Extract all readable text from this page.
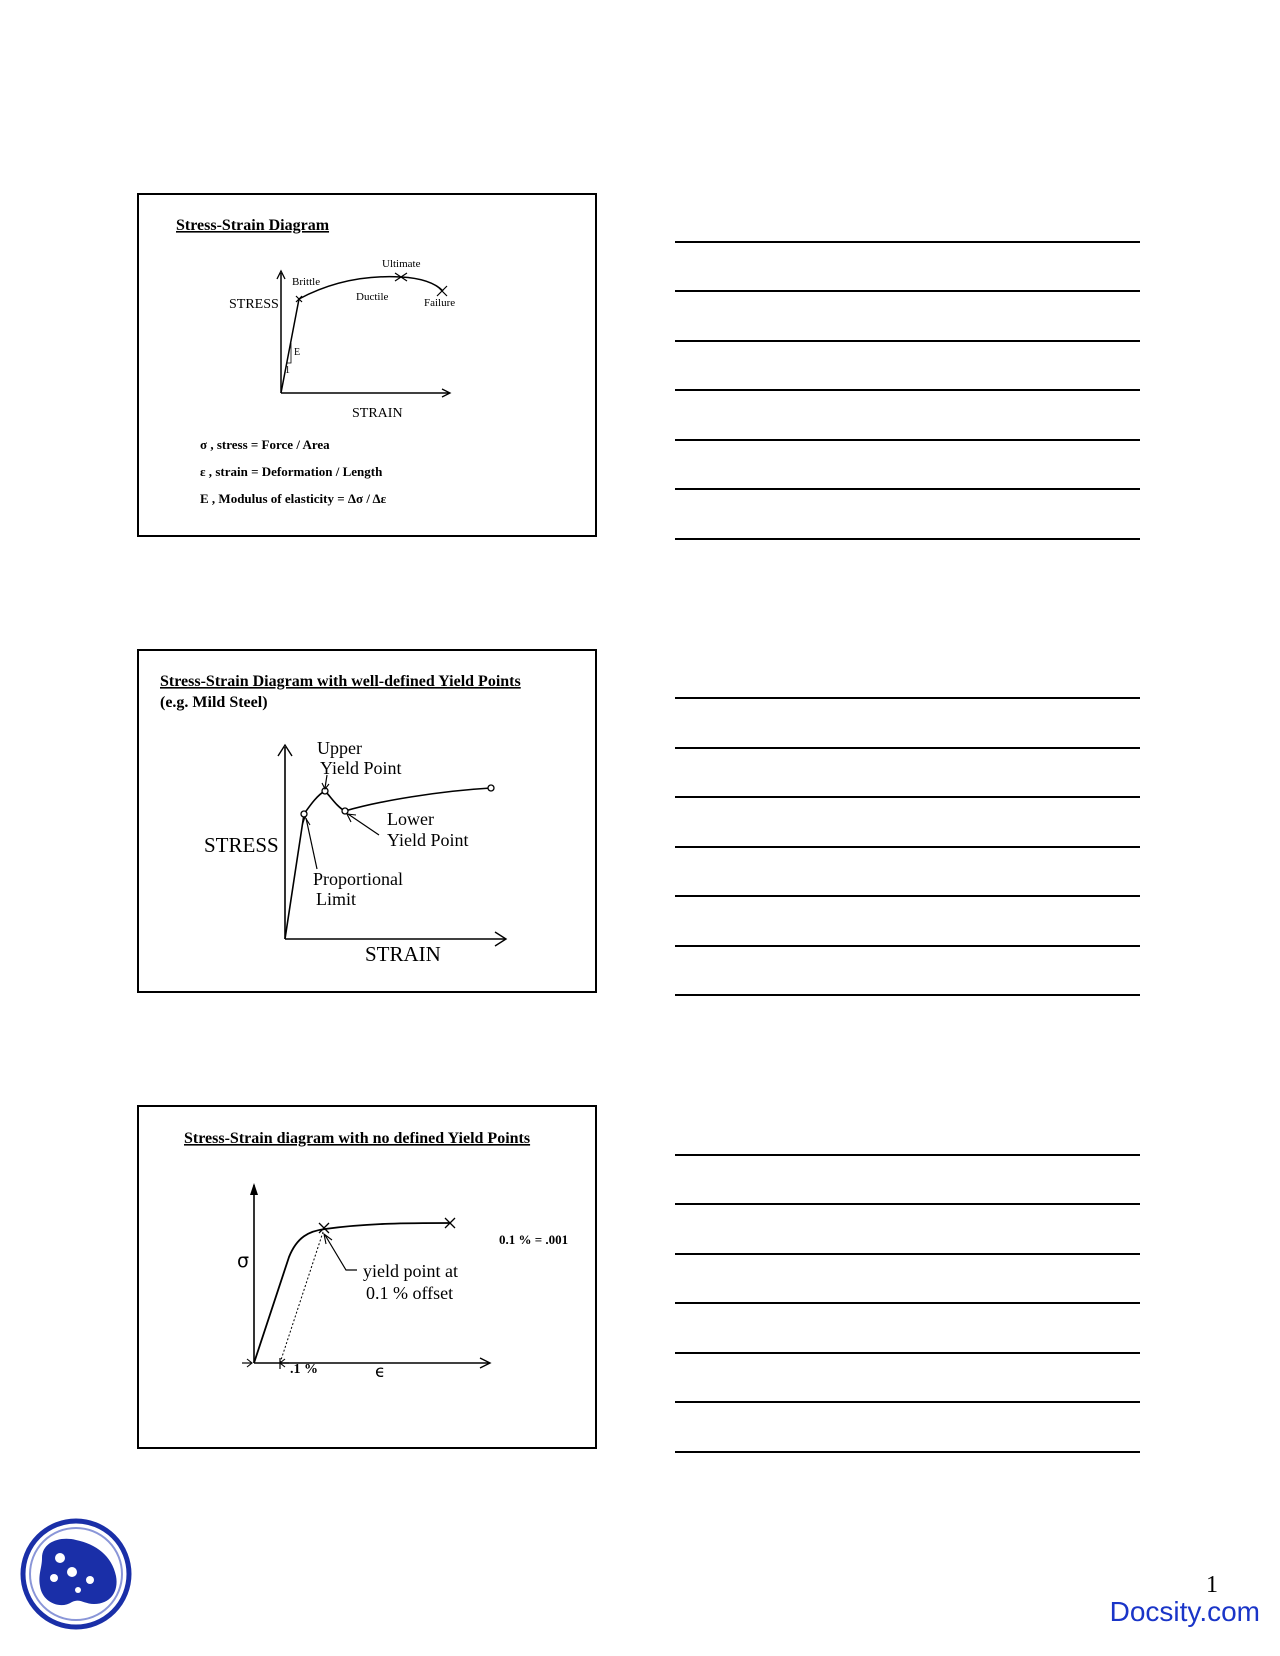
Stress-Strain Diagram
E
1
STRESS
Brittle
Ultimate
Ductile	Failure
STRAIN
σ , stress = Force / Area
ε , strain = Deformation / Length
E , Modulus of elasticity = Δσ / Δε
Stress-Strain Diagram with well-defined Yield Points
(e.g. Mild Steel)
Upper
Yield Point
Lower
Yield Point
Proportional
Limit
STRESS
STRAIN
Stress-Strain diagram with no defined Yield Points
.1 %
yield point at
0.1 % offset
0.1 % = .001
σ
ϵ
1
Docsity.com
